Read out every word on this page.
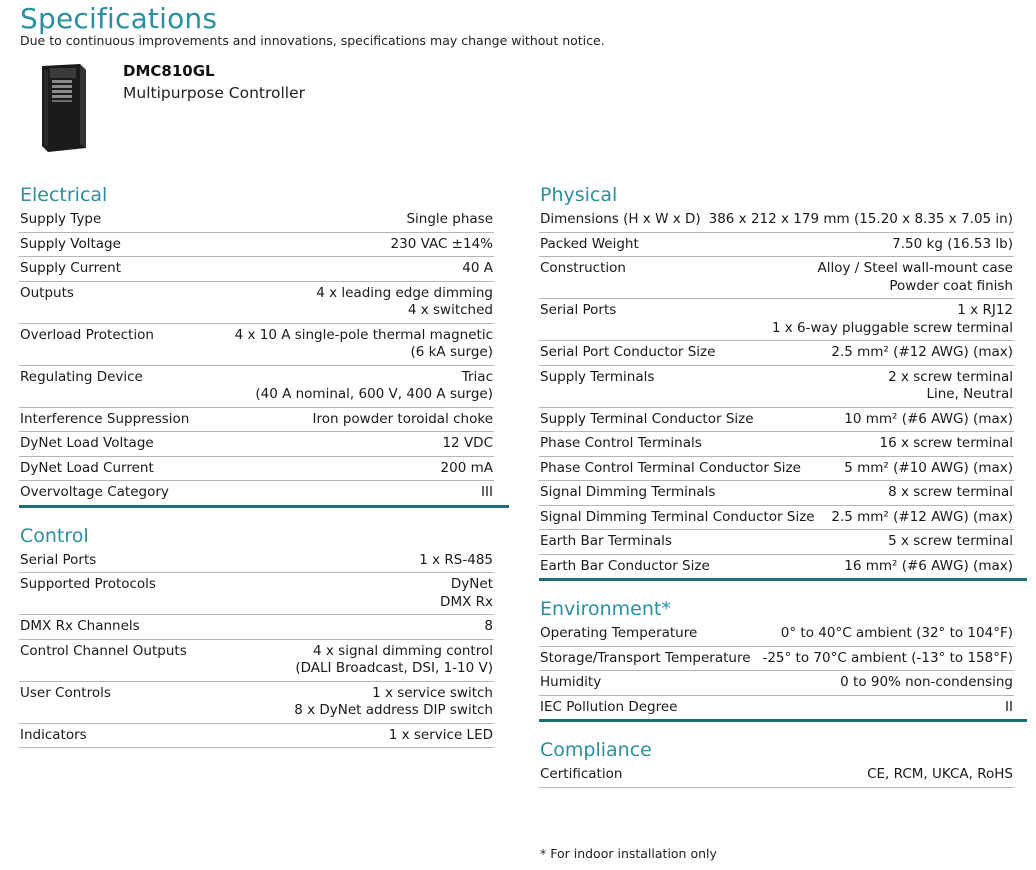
Specifications
Due to continuous improvements and innovations, specifications may change without notice.
DMC810GL
Multipurpose Controller
Electrical
Supply Type	Single phase
Supply Voltage	230 VAC ±14%
Supply Current	40 A
Outputs	4 x leading edge dimming
4 x switched
Overload Protection	4 x 10 A single-pole thermal magnetic
(6 kA surge)
Regulating Device	Triac
(40 A nominal, 600 V, 400 A surge)
Interference Suppression	Iron powder toroidal choke
DyNet Load Voltage	12 VDC
DyNet Load Current	200 mA
Overvoltage Category	III
Control
Serial Ports	1 x RS-485
Supported Protocols	DyNet
DMX Rx
DMX Rx Channels	8
Control Channel Outputs	4 x signal dimming control
(DALI Broadcast, DSI, 1-10 V)
User Controls	1 x service switch
8 x DyNet address DIP switch
Indicators	1 x service LED
Physical
Dimensions (H x W x D) 386 x 212 x 179 mm (15.20 x 8.35 x 7.05 in)
Packed Weight	7.50 kg (16.53 lb)
Construction	Alloy / Steel wall-mount case
Powder coat finish
Serial Ports	1 x RJ12
1 x 6-way pluggable screw terminal
Serial Port Conductor Size	2.5 mm² (#12 AWG) (max)
Supply Terminals	2 x screw terminal
Line, Neutral
Supply Terminal Conductor Size	10 mm² (#6 AWG) (max)
Phase Control Terminals	16 x screw terminal
Phase Control Terminal Conductor Size	5 mm² (#10 AWG) (max)
Signal Dimming Terminals	8 x screw terminal
Signal Dimming Terminal Conductor Size 2.5 mm² (#12 AWG) (max)
Earth Bar Terminals	5 x screw terminal
Earth Bar Conductor Size	16 mm² (#6 AWG) (max)
Environment*
Operating Temperature	0° to 40°C ambient (32° to 104°F)
Storage/Transport Temperature -25° to 70°C ambient (-13° to 158°F)
Humidity	0 to 90% non-condensing
IEC Pollution Degree	II
Compliance
Certification	CE, RCM, UKCA, RoHS
* For indoor installation only
